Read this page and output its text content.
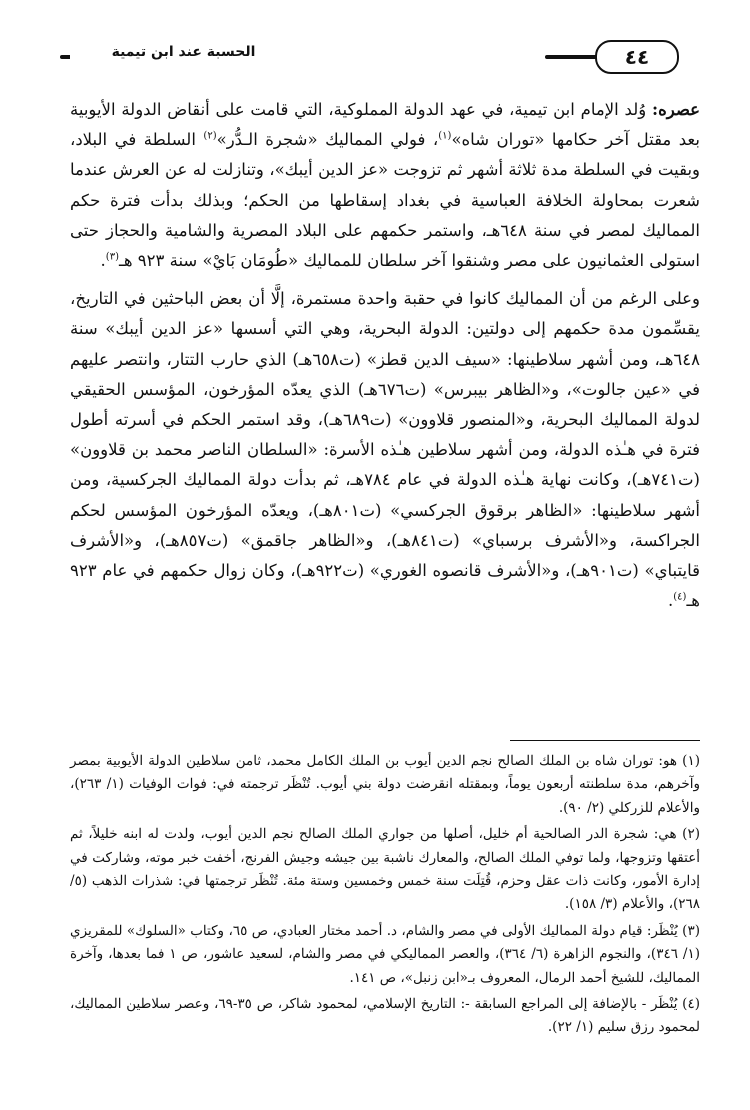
الحسبة عند ابن تيمية	٤٤

عصره: وُلد الإمام ابن تيمية، في عهد الدولة المملوكية، التي قامت على أنقاض الدولة الأيوبية بعد مقتل آخر حكامها «توران شاه»$^{(١)}$، فولي المماليك «شجرة الـدُّر»$^{(٢)}$ السلطة في البلاد، وبقيت في السلطة مدة ثلاثة أشهر ثم تزوجت «عز الدين أيبك»، وتنازلت له عن العرش عندما شعرت بمحاولة الخلافة العباسية في بغداد إسقاطها من الحكم؛ وبذلك بدأت فترة حكم المماليك لمصر في سنة ٦٤٨هـ، واستمر حكمهم على البلاد المصرية والشامية والحجاز حتى استولى العثمانيون على مصر وشنقوا آخر سلطان للمماليك «طُومَان بَايْ» سنة ٩٢٣ هـ$^{(٣)}$.

وعلى الرغم من أن المماليك كانوا في حقبة واحدة مستمرة، إلَّا أن بعض الباحثين في التاريخ، يقسِّمون مدة حكمهم إلى دولتين: الدولة البحرية، وهي التي أسسها «عز الدين أيبك» سنة ٦٤٨هـ، ومن أشهر سلاطينها: «سيف الدين قطز» (ت٦٥٨هـ) الذي حارب التتار، وانتصر عليهم في «عين جالوت»، و«الظاهر بيبرس» (ت٦٧٦هـ) الذي يعدّه المؤرخون، المؤسس الحقيقي لدولة المماليك البحرية، و«المنصور قلاوون» (ت٦٨٩هـ)، وقد استمر الحكم في أسرته أطول فترة في هـٰذه الدولة، ومن أشهر سلاطين هـٰذه الأسرة: «السلطان الناصر محمد بن قلاوون» (ت٧٤١هـ)، وكانت نهاية هـٰذه الدولة في عام ٧٨٤هـ، ثم بدأت دولة المماليك الجركسية، ومن أشهر سلاطينها: «الظاهر برقوق الجركسي» (ت٨٠١هـ)، ويعدّه المؤرخون المؤسس لحكم الجراكسة، و«الأشرف برسباي» (ت٨٤١هـ)، و«الظاهر جاقمق» (ت٨٥٧هـ)، و«الأشرف قايتباي» (ت٩٠١هـ)، و«الأشرف قانصوه الغوري» (ت٩٢٢هـ)، وكان زوال حكمهم في عام ٩٢٣ هـ$^{(٤)}$.

(١) هو: توران شاه بن الملك الصالح نجم الدين أيوب بن الملك الكامل محمد، ثامن سلاطين الدولة الأيوبية بمصر وآخرهم، مدة سلطنته أربعون يوماً، وبمقتله انقرضت دولة بني أيوب. تُنْظَر ترجمته في: فوات الوفيات (١/ ٢٦٣)، والأعلام للزركلي (٢/ ٩٠).

(٢) هي: شجرة الدر الصالحية أم خليل، أصلها من جواري الملك الصالح نجم الدين أيوب، ولدت له ابنه خليلاً، ثم أعتقها وتزوجها، ولما توفي الملك الصالح، والمعارك ناشبة بين جيشه وجيش الفرنج، أخفت خبر موته، وشاركت في إدارة الأمور، وكانت ذات عقل وحزم، قُتِلَت سنة خمس وخمسين وستة مئة. تُنْظَر ترجمتها في: شذرات الذهب (٥/ ٢٦٨)، والأعلام (٣/ ١٥٨).

(٣) يُنْظَر: قيام دولة المماليك الأولى في مصر والشام، د. أحمد مختار العبادي، ص ٦٥، وكتاب «السلوك» للمقريزي (١/ ٣٤٦)، والنجوم الزاهرة (٦/ ٣٦٤)، والعصر المماليكي في مصر والشام، لسعيد عاشور، ص ١ فما بعدها، وآخرة المماليك، للشيخ أحمد الرمال، المعروف بـ«ابن زنبل»، ص ١٤١.

(٤) يُنْظَر - بالإضافة إلى المراجع السابقة -: التاريخ الإسلامي، لمحمود شاكر، ص ٣٥-٦٩، وعصر سلاطين المماليك، لمحمود رزق سليم (١/ ٢٢).
